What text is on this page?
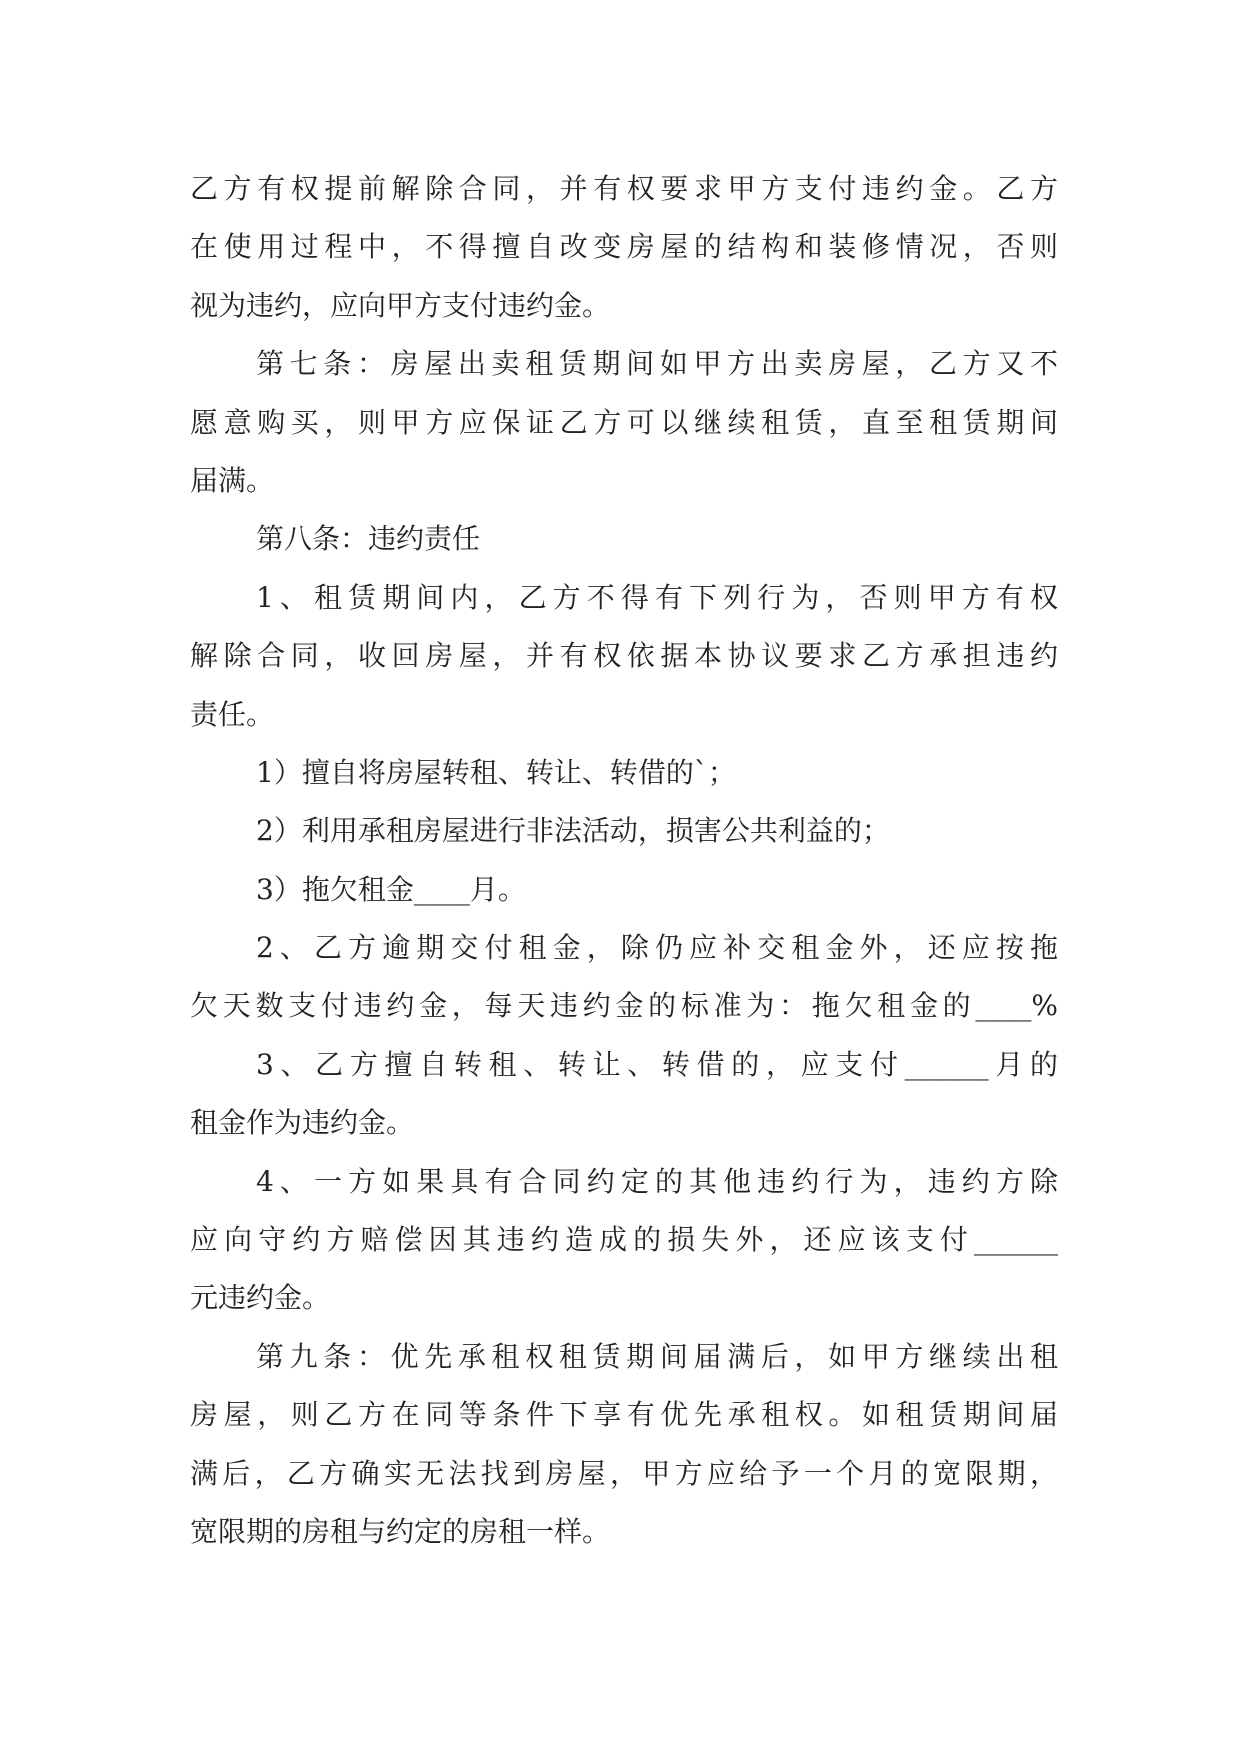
乙方有权提前解除合同，并有权要求甲方支付违约金。乙方
在使用过程中，不得擅自改变房屋的结构和装修情况，否则
视为违约，应向甲方支付违约金。
第七条：房屋出卖租赁期间如甲方出卖房屋，乙方又不
愿意购买，则甲方应保证乙方可以继续租赁，直至租赁期间
届满。
第八条：违约责任
1、租赁期间内，乙方不得有下列行为，否则甲方有权
解除合同，收回房屋，并有权依据本协议要求乙方承担违约
责任。
1）擅自将房屋转租、转让、转借的`；
2）利用承租房屋进行非法活动，损害公共利益的；
3）拖欠租金____月。
2、乙方逾期交付租金，除仍应补交租金外，还应按拖
欠天数支付违约金，每天违约金的标准为：拖欠租金的____%
3、乙方擅自转租、转让、转借的，应支付______月的
租金作为违约金。
4、一方如果具有合同约定的其他违约行为，违约方除
应向守约方赔偿因其违约造成的损失外，还应该支付______
元违约金。
第九条：优先承租权租赁期间届满后，如甲方继续出租
房屋，则乙方在同等条件下享有优先承租权。如租赁期间届
满后，乙方确实无法找到房屋，甲方应给予一个月的宽限期，
宽限期的房租与约定的房租一样。
